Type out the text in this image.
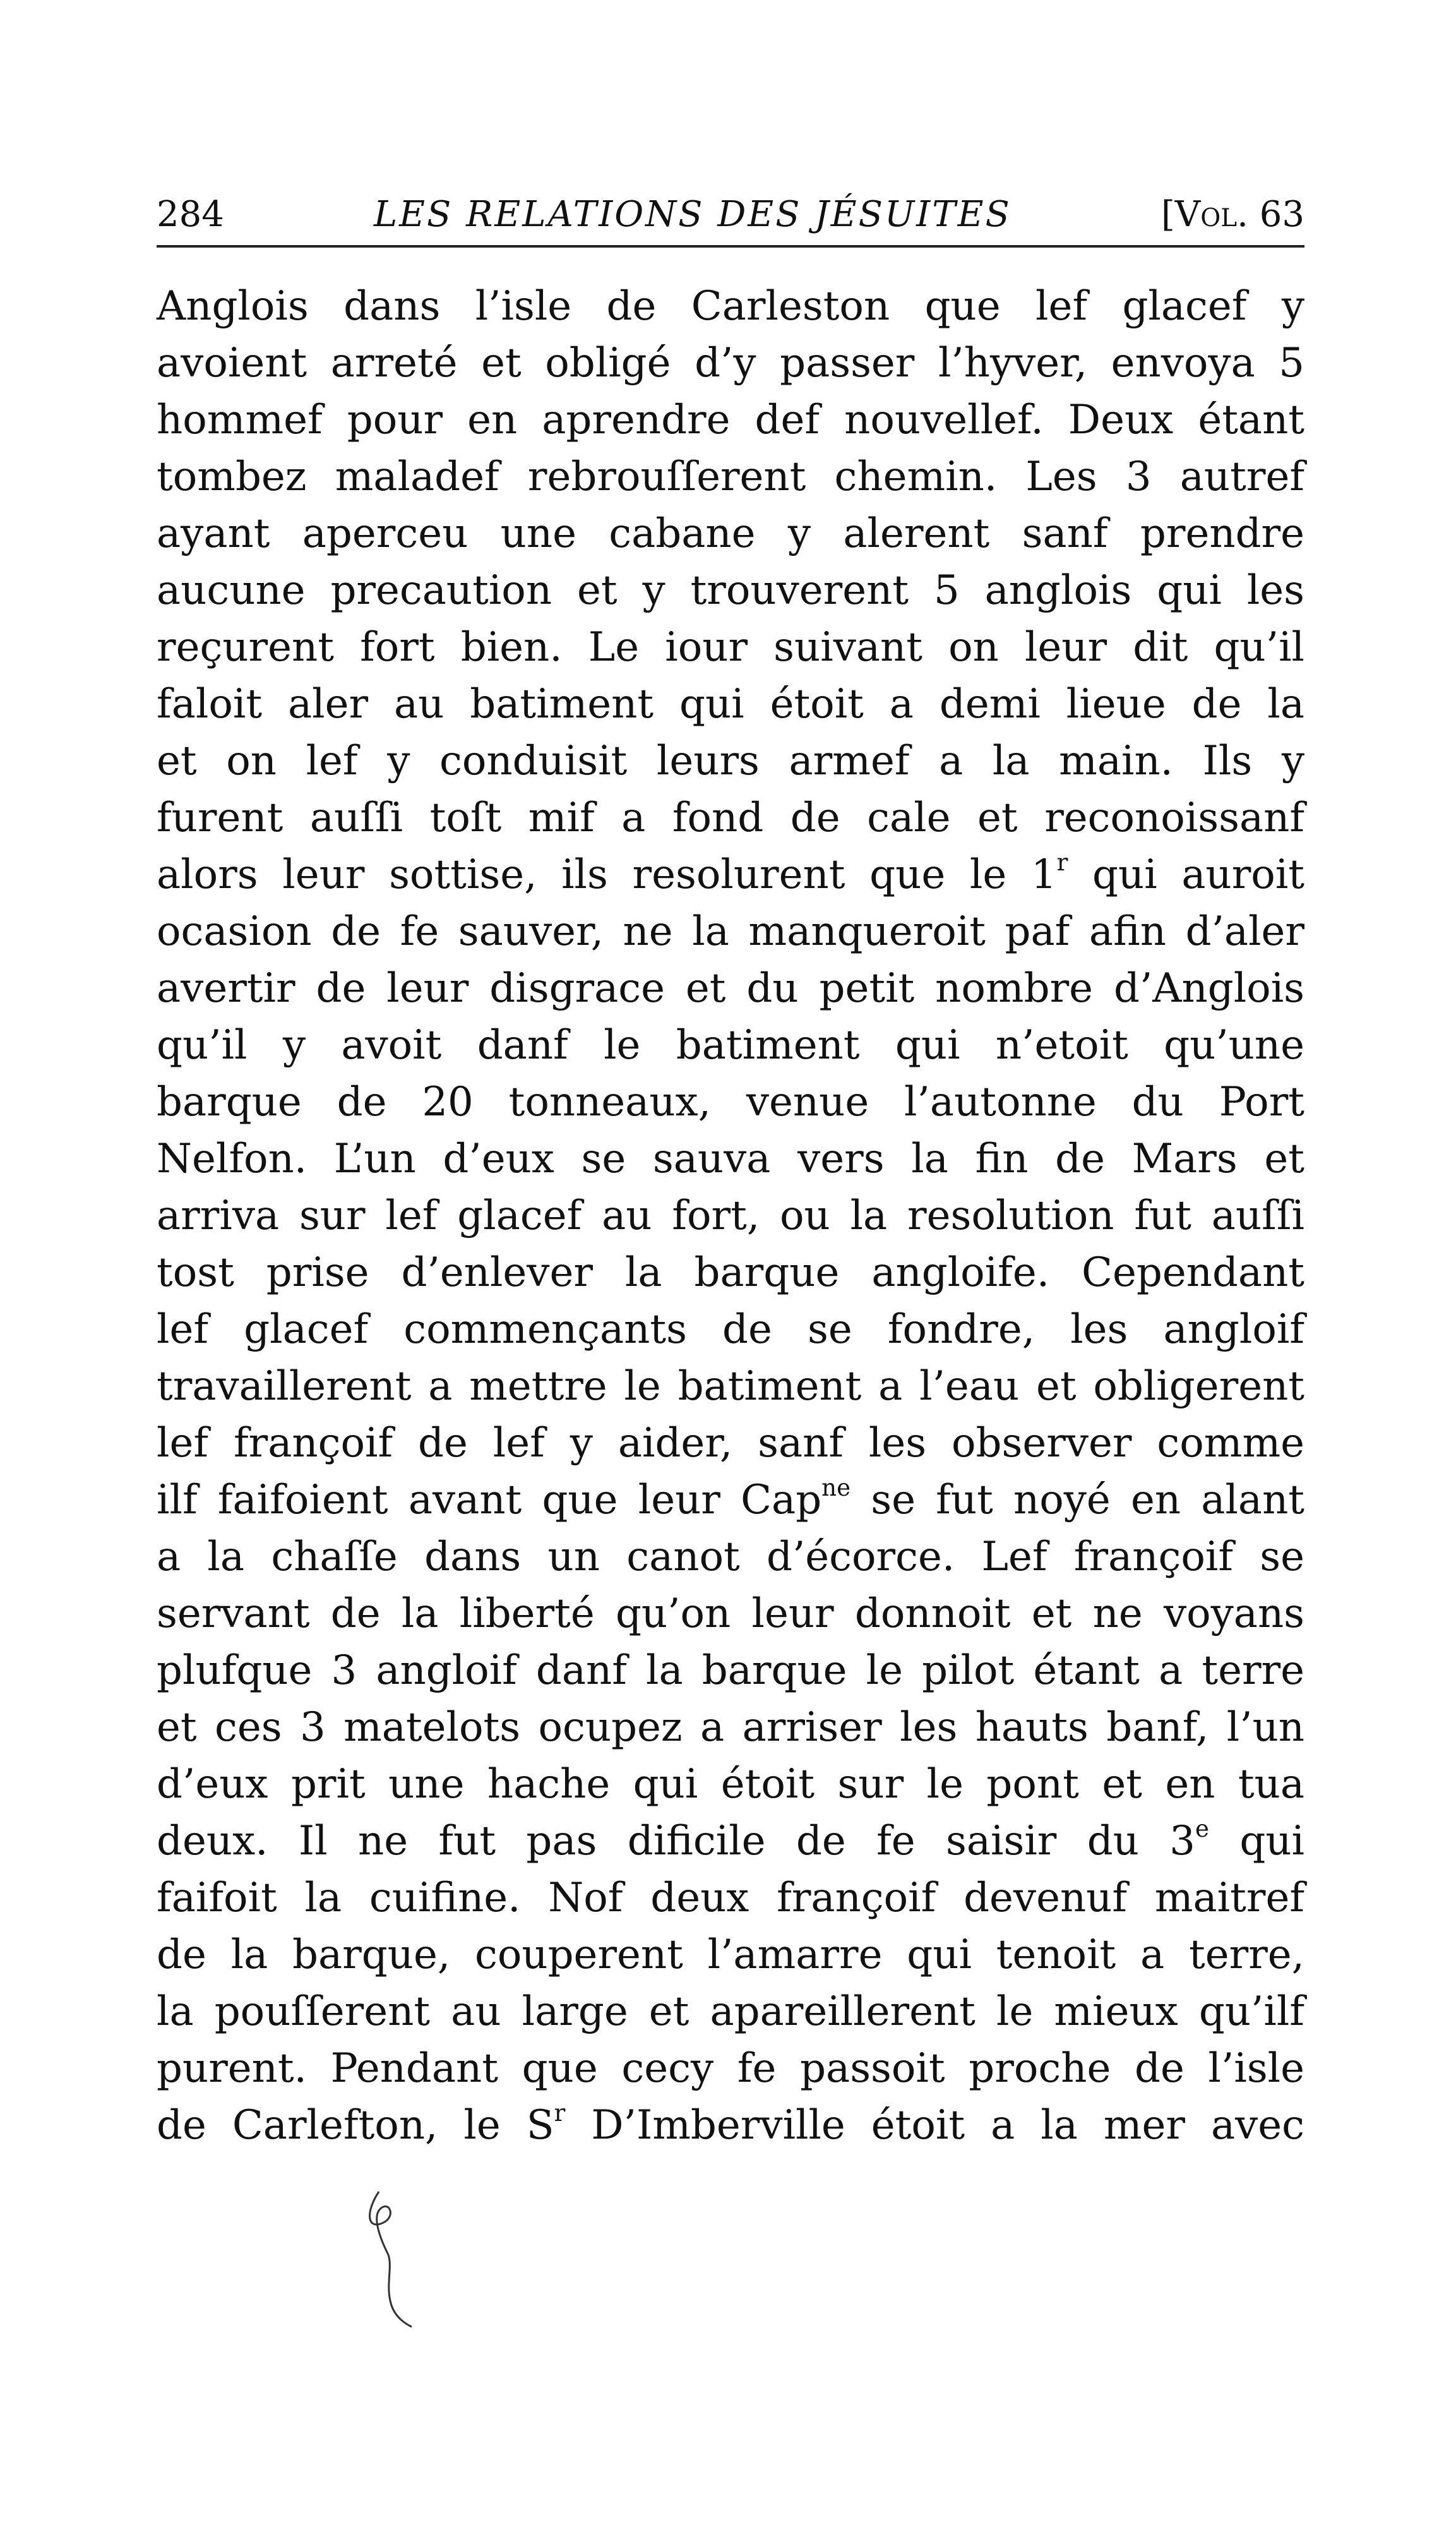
284	LES RELATIONS DES JÉSUITES	[Vol. 63
Anglois dans l’isle de Carleston que lef glacef y
avoient arreté et obligé d’y passer l’hyver, envoya 5
hommef pour en aprendre def nouvellef. Deux étant
tombez maladef rebrouſſerent chemin. Les 3 autref
ayant aperceu une cabane y alerent sanf prendre
aucune precaution et y trouverent 5 anglois qui les
reçurent fort bien. Le iour suivant on leur dit qu’il
faloit aler au batiment qui étoit a demi lieue de la
et on lef y conduisit leurs armef a la main. Ils y
furent auſſi toſt mif a fond de cale et reconoissanf
alors leur sottise, ils resolurent que le 1$^r$ qui auroit
ocasion de fe sauver, ne la manqueroit paf afin d’aler
avertir de leur disgrace et du petit nombre d’Anglois
qu’il y avoit danf le batiment qui n’etoit qu’une
barque de 20 tonneaux, venue l’autonne du Port
Nelfon. L’un d’eux se sauva vers la fin de Mars et
arriva sur lef glacef au fort, ou la resolution fut auſſi
tost prise d’enlever la barque angloife. Cependant
lef glacef commençants de se fondre, les angloif
travaillerent a mettre le batiment a l’eau et obligerent
lef françoif de lef y aider, sanf les observer comme
ilf faifoient avant que leur Cap$^{ne}$ se fut noyé en alant
a la chaſſe dans un canot d’écorce. Lef françoif se
servant de la liberté qu’on leur donnoit et ne voyans
plufque 3 angloif danf la barque le pilot étant a terre
et ces 3 matelots ocupez a arriser les hauts banf, l’un
d’eux prit une hache qui étoit sur le pont et en tua
deux. Il ne fut pas dificile de fe saisir du 3e qui
faifoit la cuifine. Nof deux françoif devenuf maitref
de la barque, couperent l’amarre qui tenoit a terre,
la pouſſerent au large et apareillerent le mieux qu’ilf
purent. Pendant que cecy fe passoit proche de l’isle
de Carlefton, le $S^r$ D’Imberville étoit a la mer avec
